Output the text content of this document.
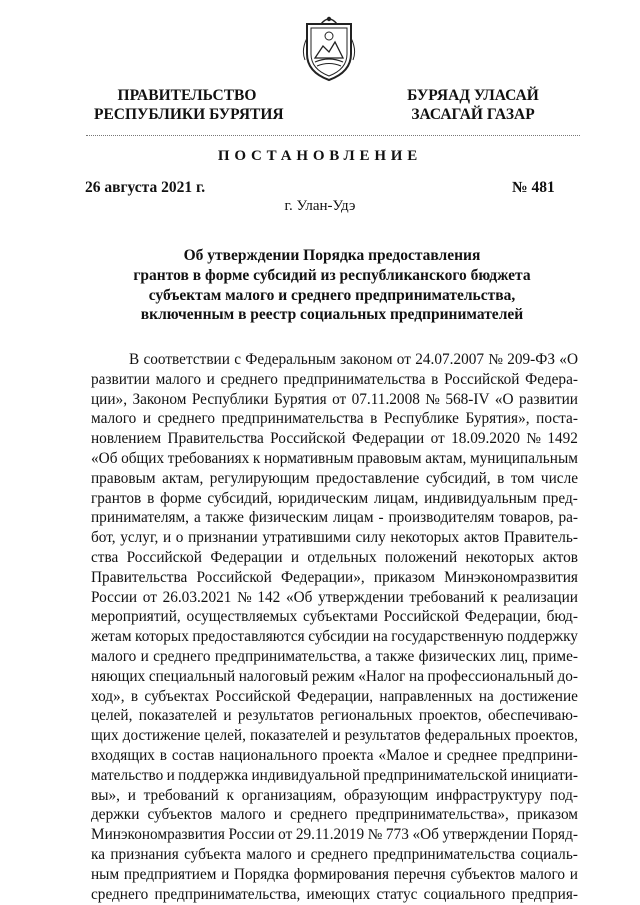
ПРАВИТЕЛЬСТВО
РЕСПУБЛИКИ БУРЯТИЯ
БУРЯАД УЛАСАЙ
ЗАСАГАЙ ГАЗАР
ПОСТАНОВЛЕНИЕ
26 августа 2021 г.	№ 481
г. Улан-Удэ
Об утверждении Порядка предоставления
грантов в форме субсидий из республиканского бюджета
субъектам малого и среднего предпринимательства,
включенным в реестр социальных предпринимателей
В соответствии с Федеральным законом от 24.07.2007 № 209-ФЗ «О
развитии малого и среднего предпринимательства в Российской Федера-
ции», Законом Республики Бурятия от 07.11.2008 № 568-IV «О развитии
малого и среднего предпринимательства в Республике Бурятия», поста-
новлением Правительства Российской Федерации от 18.09.2020 № 1492
«Об общих требованиях к нормативным правовым актам, муниципальным
правовым актам, регулирующим предоставление субсидий, в том числе
грантов в форме субсидий, юридическим лицам, индивидуальным пред-
принимателям, а также физическим лицам - производителям товаров, ра-
бот, услуг, и о признании утратившими силу некоторых актов Правитель-
ства Российской Федерации и отдельных положений некоторых актов
Правительства Российской Федерации», приказом Минэкономразвития
России от 26.03.2021 № 142 «Об утверждении требований к реализации
мероприятий, осуществляемых субъектами Российской Федерации, бюд-
жетам которых предоставляются субсидии на государственную поддержку
малого и среднего предпринимательства, а также физических лиц, приме-
няющих специальный налоговый режим «Налог на профессиональный до-
ход», в субъектах Российской Федерации, направленных на достижение
целей, показателей и результатов региональных проектов, обеспечиваю-
щих достижение целей, показателей и результатов федеральных проектов,
входящих в состав национального проекта «Малое и среднее предприни-
мательство и поддержка индивидуальной предпринимательской инициати-
вы», и требований к организациям, образующим инфраструктуру под-
держки субъектов малого и среднего предпринимательства», приказом
Минэкономразвития России от 29.11.2019 № 773 «Об утверждении Поряд-
ка признания субъекта малого и среднего предпринимательства социаль-
ным предприятием и Порядка формирования перечня субъектов малого и
среднего предпринимательства, имеющих статус социального предприя-
